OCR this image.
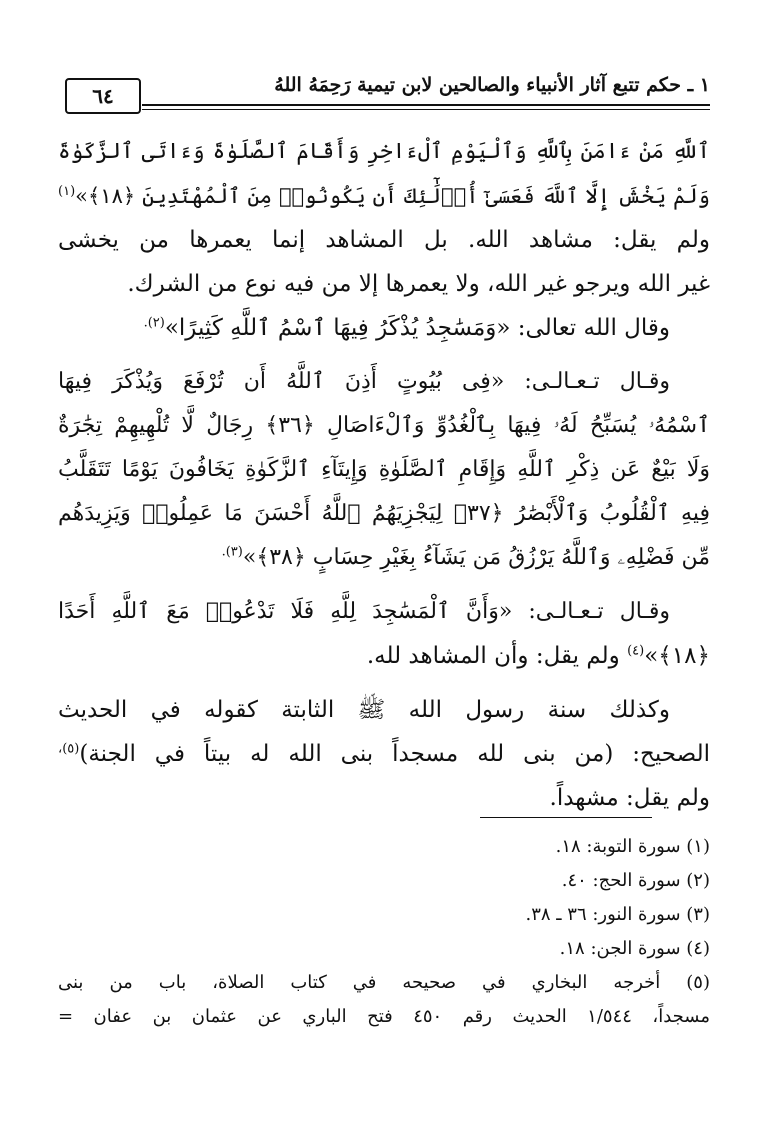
١ ـ حكم تتبع آثار الأنبياء والصالحين لابن تيمية رَحِمَهُ اللهُ
٦٤
ٱللَّهِ مَنْ ءَامَنَ بِٱللَّهِ وَٱلْيَوْمِ ٱلْءَاخِرِ وَأَقَامَ ٱلصَّلَوٰةَ وَءَاتَى ٱلزَّكَوٰةَ
وَلَمْ يَخْشَ إِلَّا ٱللَّهَ فَعَسَىٰٓ أُو۟لَٰٓئِكَ أَن يَكُونُوا۟ مِنَ ٱلْمُهْتَدِينَ ﴿١٨﴾»$^{(١)}$
ولم يقل: مشاهد الله. بل المشاهد إنما يعمرها من يخشى
غير الله ويرجو غير الله، ولا يعمرها إلا من فيه نوع من الشرك.
وقال الله تعالى: «وَمَسَٰجِدُ يُذْكَرُ فِيهَا ٱسْمُ ٱللَّهِ كَثِيرًا»$^{(٢).}$
وقـال تـعـالـى: «فِى بُيُوتٍ أَذِنَ ٱللَّهُ أَن تُرْفَعَ وَيُذْكَرَ فِيهَا
ٱسْمُهُۥ يُسَبِّحُ لَهُۥ فِيهَا بِٱلْغُدُوِّ وَٱلْءَاصَالِ ﴿٣٦﴾ رِجَالٌ لَّا تُلْهِيهِمْ تِجَٰرَةٌ
وَلَا بَيْعٌ عَن ذِكْرِ ٱللَّهِ وَإِقَامِ ٱلصَّلَوٰةِ وَإِيتَآءِ ٱلزَّكَوٰةِ يَخَافُونَ يَوْمًا تَتَقَلَّبُ
فِيهِ ٱلْقُلُوبُ وَٱلْأَبْصَٰرُ ﴿٣٧﴾ لِيَجْزِيَهُمُ ٱللَّهُ أَحْسَنَ مَا عَمِلُوا۟ وَيَزِيدَهُم
مِّن فَضْلِهِۦ وَٱللَّهُ يَرْزُقُ مَن يَشَآءُ بِغَيْرِ حِسَابٍ ﴿٣٨﴾»$^{(٣).}$
وقـال تـعـالـى: «وَأَنَّ ٱلْمَسَٰجِدَ لِلَّهِ فَلَا تَدْعُوا۟ مَعَ ٱللَّهِ أَحَدًا
﴿١٨﴾»$^{(٤)}$ ولم يقل: وأن المشاهد لله.
وكذلك سنة رسول الله ﷺ الثابتة كقوله في الحديث
الصحيح: (من بنى لله مسجداً بنى الله له بيتاً في الجنة)$^{(٥)،}$
ولم يقل: مشهداً.
(١) سورة التوبة: ١٨.
(٢) سورة الحج: ٤٠.
(٣) سورة النور: ٣٦ ـ ٣٨.
(٤) سورة الجن: ١٨.
(٥) أخرجه البخاري في صحيحه في كتاب الصلاة، باب من بنى
مسجداً، ١/٥٤٤ الحديث رقم ٤٥٠ فتح الباري عن عثمان بن عفان =
